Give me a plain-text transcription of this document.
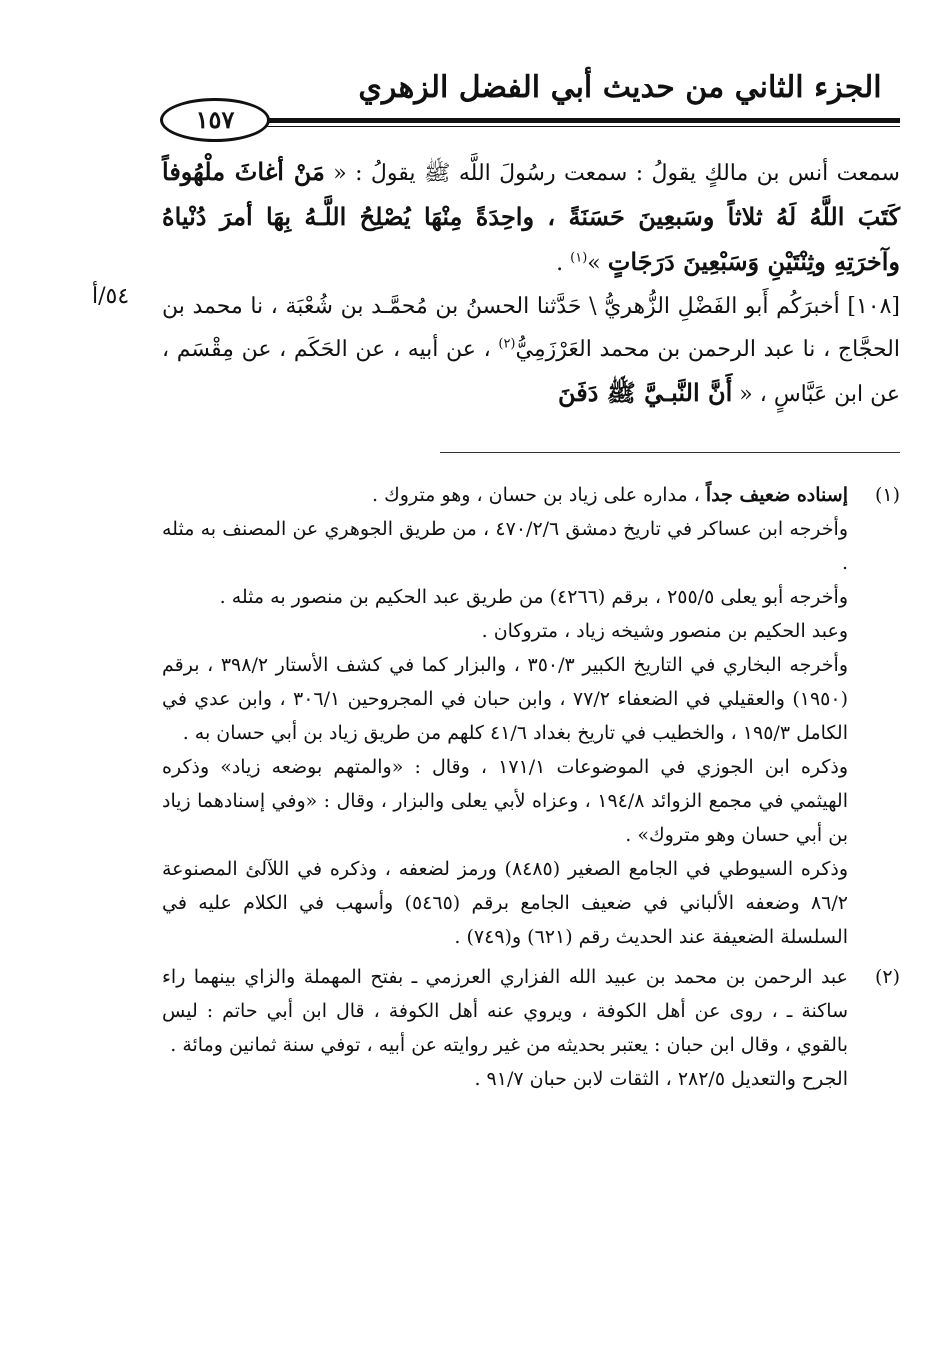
الجزء الثاني من حديث أبي الفضل الزهري
١٥٧

سمعت أنس بن مالكٍ يقولُ : سمعت رسُولَ اللَّه ﷺ يقولُ : « مَنْ أغاثَ ملْهُوفاً كَتَبَ اللَّهُ لَهُ ثلاثاً وسَبعِينَ حَسَنَةً ، واحِدَةً مِنْهَا يُصْلِحُ اللَّـهُ بِهَا أمرَ دُنْياهُ وآخرَتِهِ وثِنْتَيْنِ وَسَبْعِينَ دَرَجَاتٍ »$^{(١)}$ .

[١٠٨] أخبرَكُم أَبو الفَضْلِ الزُّهريُّ \ حَدَّثنا الحسنُ بن مُحمَّـد بن شُعْبَة ، نا محمد بن الحجَّاج ، نا عبد الرحمن بن محمد العَرْزَمِيُّ$^{(٢)}$ ، عن أبيه ، عن الحَكَم ، عن مِقْسَم ، عن ابن عَبَّاسٍ ، « أَنَّ النَّبـيَّ ﷺ دَفَنَ

٥٤/أ
(١)

إسناده ضعيف جداً ، مداره على زياد بن حسان ، وهو متروك .

وأخرجه ابن عساكر في تاريخ دمشق ٤٧٠/٢/٦ ، من طريق الجوهري عن المصنف به مثله .

وأخرجه أبو يعلى ٢٥٥/٥ ، برقم (٤٢٦٦) من طريق عبد الحكيم بن منصور به مثله .

وعبد الحكيم بن منصور وشيخه زياد ، متروكان .

وأخرجه البخاري في التاريخ الكبير ٣٥٠/٣ ، والبزار كما في كشف الأستار ٣٩٨/٢ ، برقم (١٩٥٠) والعقيلي في الضعفاء ٧٧/٢ ، وابن حبان في المجروحين ٣٠٦/١ ، وابن عدي في الكامل ١٩٥/٣ ، والخطيب في تاريخ بغداد ٤١/٦ كلهم من طريق زياد بن أبي حسان به .

وذكره ابن الجوزي في الموضوعات ١٧١/١ ، وقال : «والمتهم بوضعه زياد» وذكره الهيثمي في مجمع الزوائد ١٩٤/٨ ، وعزاه لأبي يعلى والبزار ، وقال : «وفي إسنادهما زياد بن أبي حسان وهو متروك» .

وذكره السيوطي في الجامع الصغير (٨٤٨٥) ورمز لضعفه ، وذكره في اللآلئ المصنوعة ٨٦/٢ وضعفه الألباني في ضعيف الجامع برقم (٥٤٦٥) وأسهب في الكلام عليه في السلسلة الضعيفة عند الحديث رقم (٦٢١) و(٧٤٩) .

(٢)

عبد الرحمن بن محمد بن عبيد الله الفزاري العرزمي ـ بفتح المهملة والزاي بينهما راء ساكنة ـ ، روى عن أهل الكوفة ، ويروي عنه أهل الكوفة ، قال ابن أبي حاتم : ليس بالقوي ، وقال ابن حبان : يعتبر بحديثه من غير روايته عن أبيه ، توفي سنة ثمانين ومائة .

الجرح والتعديل ٢٨٢/٥ ، الثقات لابن حبان ٩١/٧ .
